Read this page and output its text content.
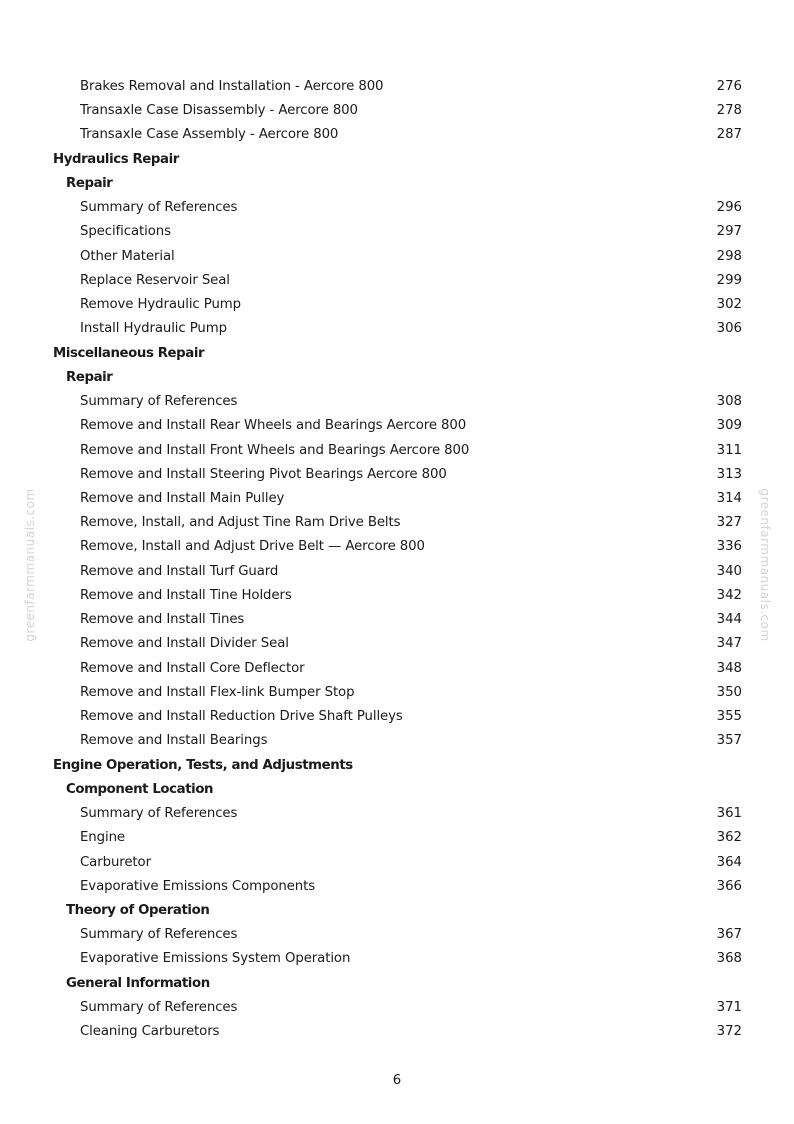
greenfarmmanuals.com	greenfarmmanuals.com
Brakes Removal and Installation - Aercore 800	276
Transaxle Case Disassembly - Aercore 800	278
Transaxle Case Assembly - Aercore 800	287
Hydraulics Repair
Repair
Summary of References	296
Specifications	297
Other Material	298
Replace Reservoir Seal	299
Remove Hydraulic Pump	302
Install Hydraulic Pump	306
Miscellaneous Repair
Repair
Summary of References	308
Remove and Install Rear Wheels and Bearings Aercore 800	309
Remove and Install Front Wheels and Bearings Aercore 800	311
Remove and Install Steering Pivot Bearings Aercore 800	313
Remove and Install Main Pulley	314
Remove, Install, and Adjust Tine Ram Drive Belts	327
Remove, Install and Adjust Drive Belt — Aercore 800	336
Remove and Install Turf Guard	340
Remove and Install Tine Holders	342
Remove and Install Tines	344
Remove and Install Divider Seal	347
Remove and Install Core Deflector	348
Remove and Install Flex-link Bumper Stop	350
Remove and Install Reduction Drive Shaft Pulleys	355
Remove and Install Bearings	357
Engine Operation, Tests, and Adjustments
Component Location
Summary of References	361
Engine	362
Carburetor	364
Evaporative Emissions Components	366
Theory of Operation
Summary of References	367
Evaporative Emissions System Operation	368
General Information
Summary of References	371
Cleaning Carburetors	372
6
